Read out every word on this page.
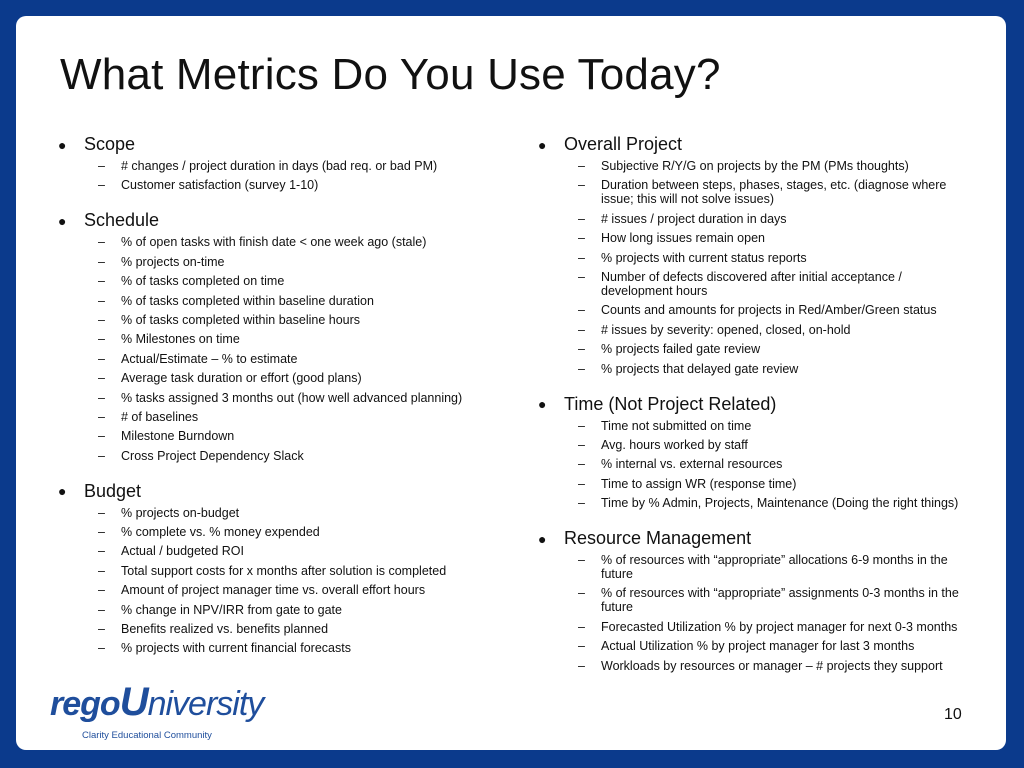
What Metrics Do You Use Today?
● Scope
– # changes / project duration in days (bad req. or bad PM)
– Customer satisfaction (survey 1-10)
● Schedule
– % of open tasks with finish date < one week ago (stale)
– % projects on-time
– % of tasks completed on time
– % of tasks completed within baseline duration
– % of tasks completed within baseline hours
– % Milestones on time
– Actual/Estimate – % to estimate
– Average task duration or effort (good plans)
– % tasks assigned 3 months out (how well advanced planning)
– # of baselines
– Milestone Burndown
– Cross Project Dependency Slack
● Budget
– % projects on-budget
– % complete vs. % money expended
– Actual / budgeted ROI
– Total support costs for x months after solution is completed
– Amount of project manager time vs. overall effort hours
– % change in NPV/IRR from gate to gate
– Benefits realized vs. benefits planned
– % projects with current financial forecasts
● Overall Project
– Subjective R/Y/G on projects by the PM (PMs thoughts)
– Duration between steps, phases, stages, etc. (diagnose where issue; this will not solve issues)
– # issues / project duration in days
– How long issues remain open
– % projects with current status reports
– Number of defects discovered after initial acceptance / development hours
– Counts and amounts for projects in Red/Amber/Green status
– # issues by severity: opened, closed, on-hold
– % projects failed gate review
– % projects that delayed gate review
● Time (Not Project Related)
– Time not submitted on time
– Avg. hours worked by staff
– % internal vs. external resources
– Time to assign WR (response time)
– Time by % Admin, Projects, Maintenance (Doing the right things)
● Resource Management
– % of resources with “appropriate” allocations 6-9 months in the future
– % of resources with “appropriate” assignments 0-3 months in the future
– Forecasted Utilization % by project manager for next 0-3 months
– Actual Utilization % by project manager for last 3 months
– Workloads by resources or manager – # projects they support
regoUniversity
Clarity Educational Community
10
